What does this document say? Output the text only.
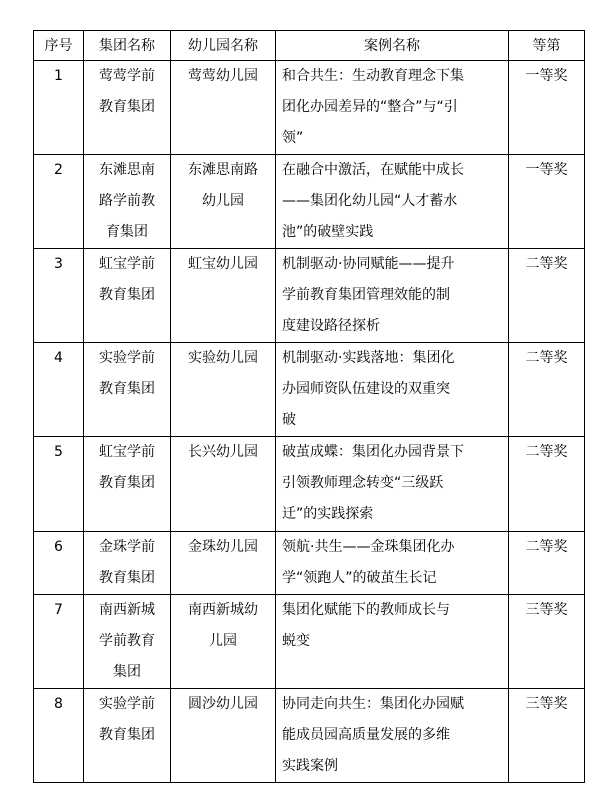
序号	集团名称	幼儿园名称	案例名称	等第
1	莺莺学前
教育集团	莺莺幼儿园	和合共生：生动教育理念下集
团化办园差异的“整合”与“引
领”	一等奖
2	东滩思南
路学前教
育集团	东滩思南路
幼儿园	在融合中激活，在赋能中成长
——集团化幼儿园“人才蓄水
池”的破壁实践	一等奖
3	虹宝学前
教育集团	虹宝幼儿园	机制驱动·协同赋能——提升
学前教育集团管理效能的制
度建设路径探析	二等奖
4	实验学前
教育集团	实验幼儿园	机制驱动·实践落地：集团化
办园师资队伍建设的双重突
破	二等奖
5	虹宝学前
教育集团	长兴幼儿园	破茧成蝶：集团化办园背景下
引领教师理念转变“三级跃
迁”的实践探索	二等奖
6	金珠学前
教育集团	金珠幼儿园	领航·共生——金珠集团化办
学“领跑人”的破茧生长记	二等奖
7	南西新城
学前教育
集团	南西新城幼
儿园	集团化赋能下的教师成长与
蜕变	三等奖
8	实验学前
教育集团	圆沙幼儿园	协同走向共生：集团化办园赋
能成员园高质量发展的多维
实践案例	三等奖
